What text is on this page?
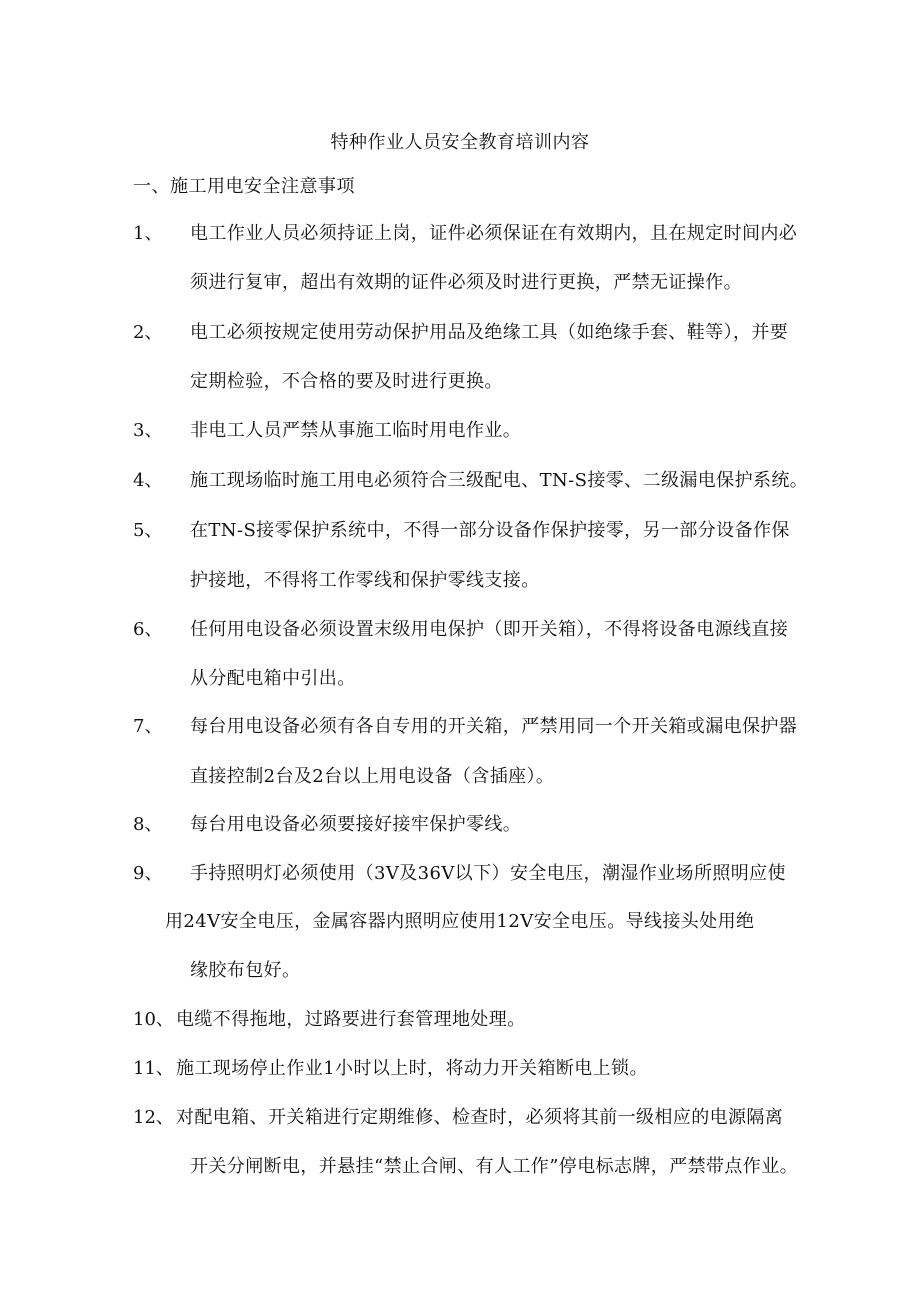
特种作业人员安全教育培训内容
一、施工用电安全注意事项
1、 电工作业人员必须持证上岗，证件必须保证在有效期内，且在规定时间内必
须进行复审，超出有效期的证件必须及时进行更换，严禁无证操作。
2、 电工必须按规定使用劳动保护用品及绝缘工具（如绝缘手套、鞋等），并要
定期检验，不合格的要及时进行更换。
3、 非电工人员严禁从事施工临时用电作业。
4、 施工现场临时施工用电必须符合三级配电、TN-S接零、二级漏电保护系统。
5、 在TN-S接零保护系统中，不得一部分设备作保护接零，另一部分设备作保
护接地，不得将工作零线和保护零线支接。
6、 任何用电设备必须设置末级用电保护（即开关箱），不得将设备电源线直接
从分配电箱中引出。
7、 每台用电设备必须有各自专用的开关箱，严禁用同一个开关箱或漏电保护器
直接控制2台及2台以上用电设备（含插座）。
8、 每台用电设备必须要接好接牢保护零线。
9、 手持照明灯必须使用（3V及36V以下）安全电压，潮湿作业场所照明应使
用24V安全电压，金属容器内照明应使用12V安全电压。导线接头处用绝
缘胶布包好。
10、 电缆不得拖地，过路要进行套管理地处理。
11、 施工现场停止作业1小时以上时，将动力开关箱断电上锁。
12、 对配电箱、开关箱进行定期维修、检查时，必须将其前一级相应的电源隔离
开关分闸断电，并悬挂“禁止合闸、有人工作”停电标志牌，严禁带点作业。
